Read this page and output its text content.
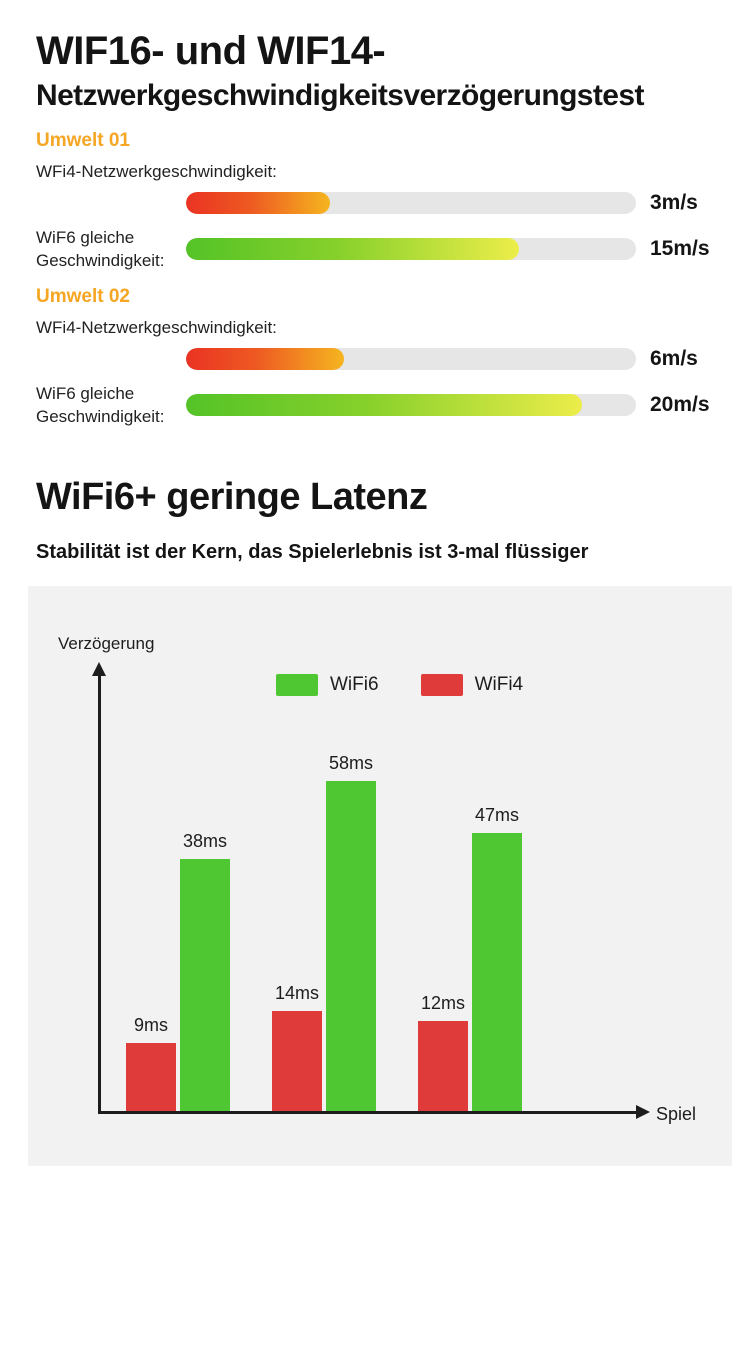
WIF16- und WIF14-
Netzwerkgeschwindigkeitsverzögerungstest
Umwelt 01
WFi4-Netzwerkgeschwindigkeit:
3m/s
WiF6 gleiche Geschwindigkeit:
15m/s
Umwelt 02
WFi4-Netzwerkgeschwindigkeit:
6m/s
WiF6 gleiche Geschwindigkeit:
20m/s
WiFi6+ geringe Latenz
Stabilität ist der Kern, das Spielerlebnis ist 3-mal flüssiger
Verzögerung
WiFi6	WiFi4
Spiel
9ms
38ms
14ms
58ms
12ms
47ms
